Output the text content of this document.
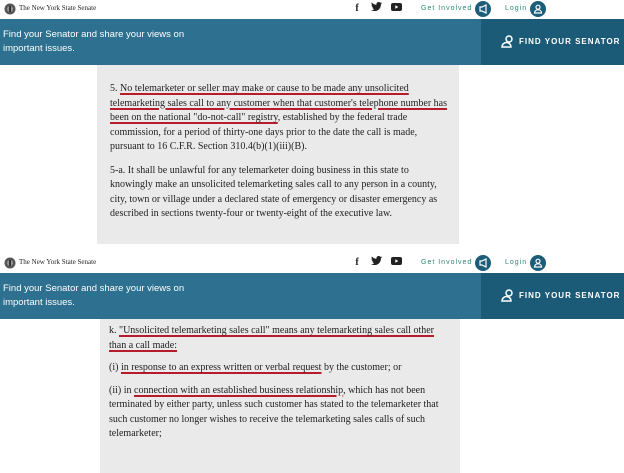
The New York State Senate	f	Get Involved	Login
Find your Senator and share your views on important issues.
FIND YOUR SENATOR

5. No telemarketer or seller may make or cause to be made any unsolicited telemarketing sales call to any customer when that customer's telephone number has been on the national "do-not-call" registry, established by the federal trade commission, for a period of thirty-one days prior to the date the call is made, pursuant to 16 C.F.R. Section 310.4(b)(1)(iii)(B).

5-a. It shall be unlawful for any telemarketer doing business in this state to knowingly make an unsolicited telemarketing sales call to any person in a county, city, town or village under a declared state of emergency or disaster emergency as described in sections twenty-four or twenty-eight of the executive law.

The New York State Senate	f	Get Involved	Login
Find your Senator and share your views on important issues.
FIND YOUR SENATOR

k. "Unsolicited telemarketing sales call" means any telemarketing sales call other than a call made:

(i) in response to an express written or verbal request by the customer; or

(ii) in connection with an established business relationship, which has not been terminated by either party, unless such customer has stated to the telemarketer that such customer no longer wishes to receive the telemarketing sales calls of such telemarketer;
